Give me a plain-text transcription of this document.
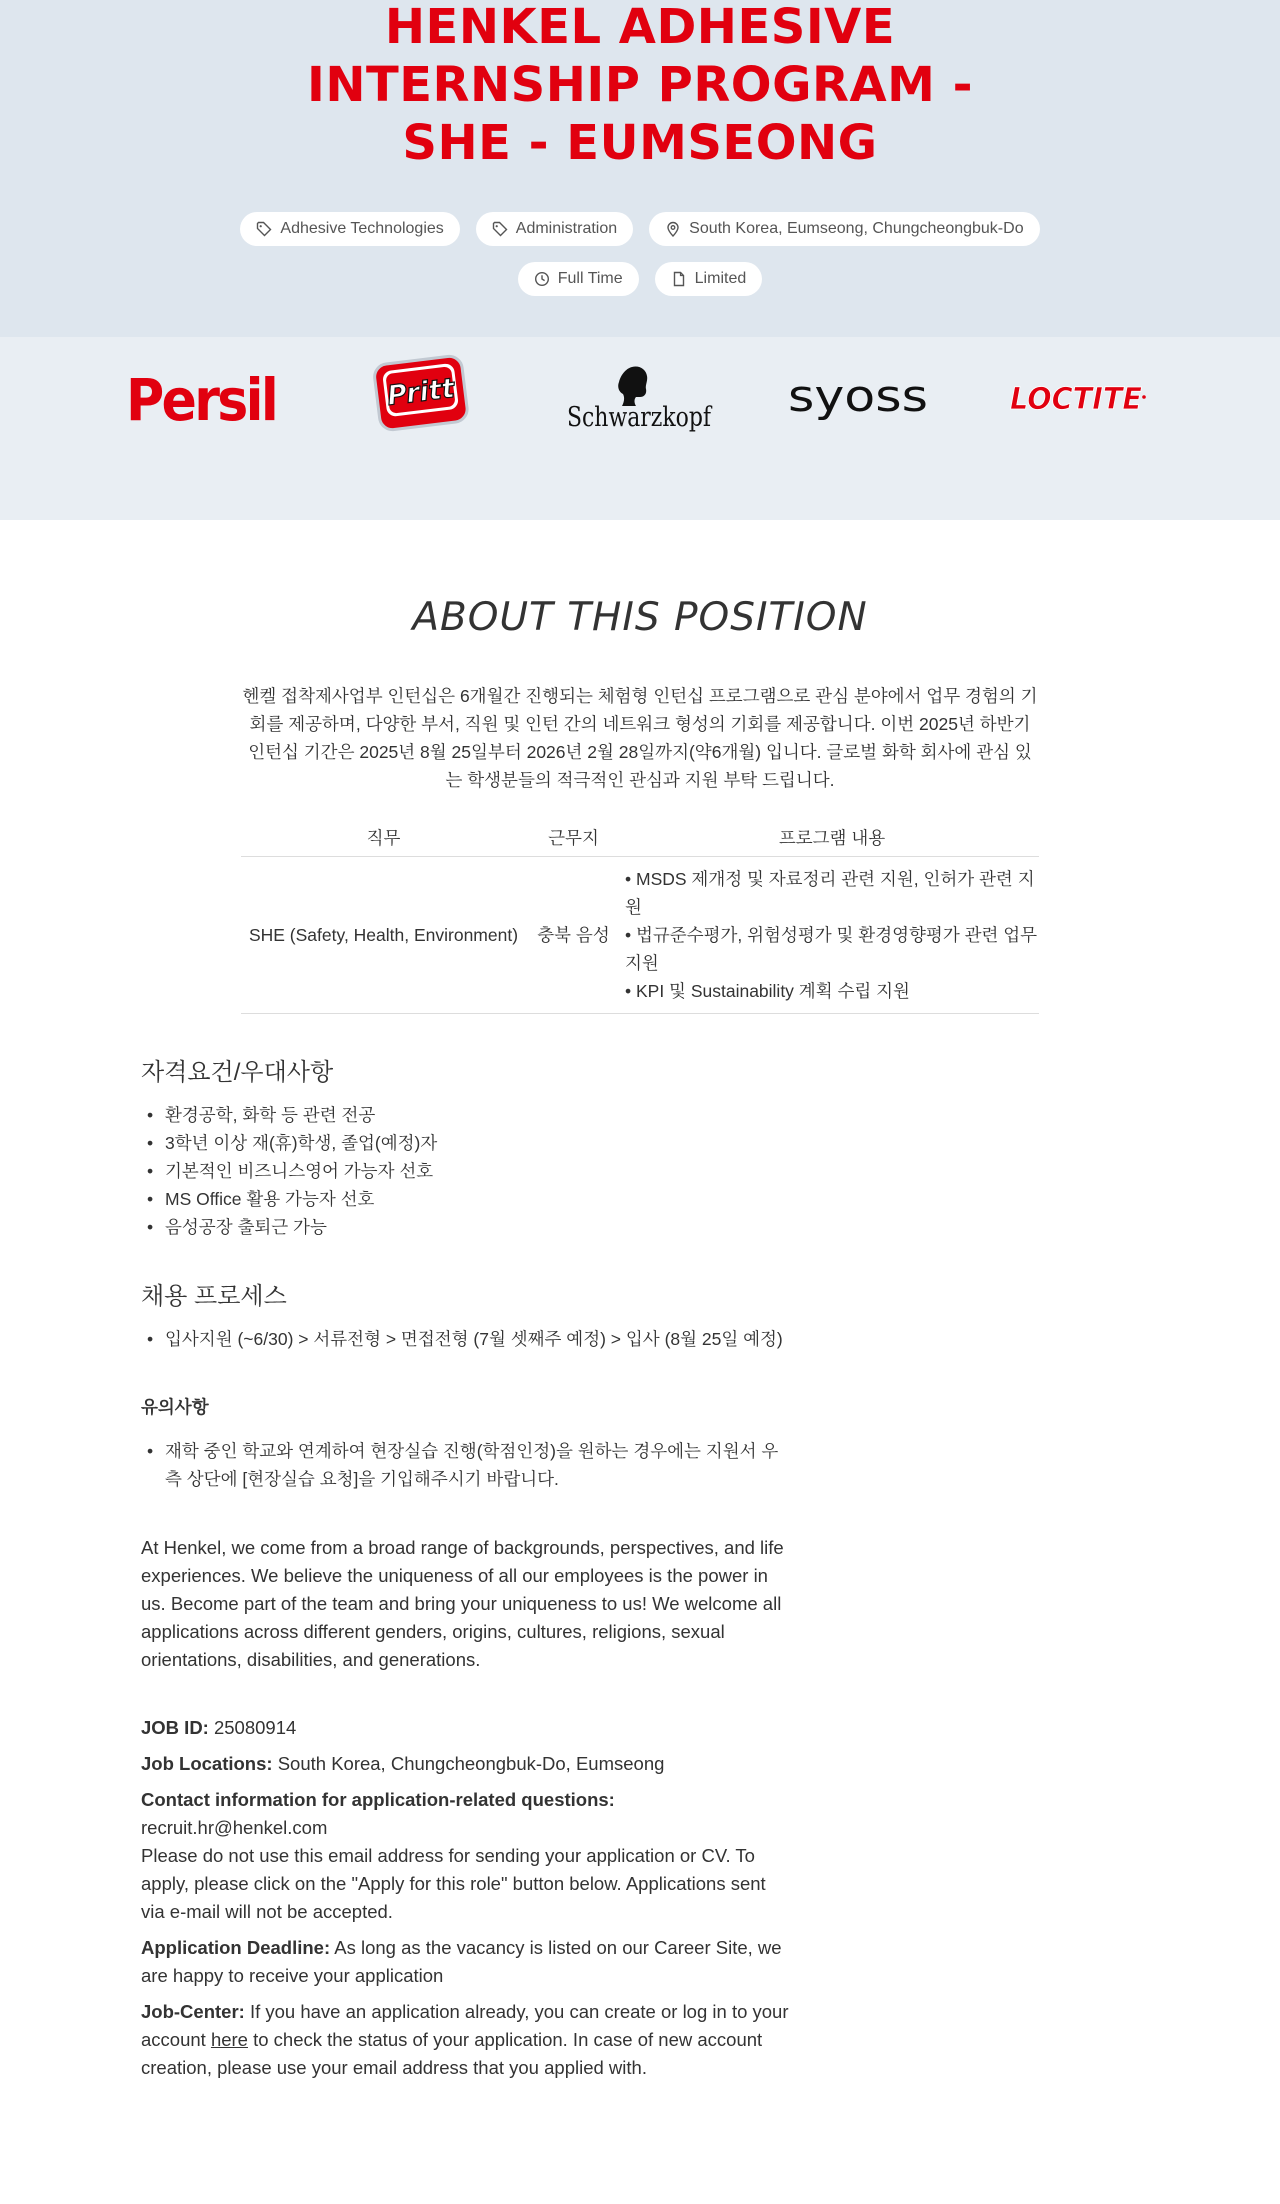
HENKEL ADHESIVE
INTERNSHIP PROGRAM -
SHE - EUMSEONG
Adhesive Technologies	Administration	South Korea, Eumseong, Chungcheongbuk-Do
Full Time	Limited
Persil	Pritt
Schwarzkopf syoss	LOCTITE
ABOUT THIS POSITION
헨켈 접착제사업부 인턴십은 6개월간 진행되는 체험형 인턴십 프로그램으로 관심 분야에서 업무 경험의 기회를 제공하며, 다양한 부서, 직원 및 인턴 간의 네트워크 형성의 기회를 제공합니다. 이번 2025년 하반기 인턴십 기간은 2025년 8월 25일부터 2026년 2월 28일까지(약6개월) 입니다. 글로벌 화학 회사에 관심 있는 학생분들의 적극적인 관심과 지원 부탁 드립니다.
직무	근무지	프로그램 내용
SHE (Safety, Health, Environment)	충북 음성	• MSDS 제개정 및 자료정리 관련 지원, 인허가 관련 지원
• 법규준수평가, 위험성평가 및 환경영향평가 관련 업무지원
• KPI 및 Sustainability 계획 수립 지원
자격요건/우대사항
• 환경공학, 화학 등 관련 전공
• 3학년 이상 재(휴)학생, 졸업(예정)자
• 기본적인 비즈니스영어 가능자 선호
• MS Office 활용 가능자 선호
• 음성공장 출퇴근 가능
채용 프로세스
• 입사지원 (~6/30) > 서류전형 > 면접전형 (7월 셋째주 예정) > 입사 (8월 25일 예정)
유의사항
• 재학 중인 학교와 연계하여 현장실습 진행(학점인정)을 원하는 경우에는 지원서 우측 상단에 [현장실습 요청]을 기입해주시기 바랍니다.
At Henkel, we come from a broad range of backgrounds, perspectives, and life experiences. We believe the uniqueness of all our employees is the power in us. Become part of the team and bring your uniqueness to us! We welcome all applications across different genders, origins, cultures, religions, sexual orientations, disabilities, and generations.
JOB ID: 25080914
Job Locations: South Korea, Chungcheongbuk-Do, Eumseong
Contact information for application-related questions:
recruit.hr@henkel.com
Please do not use this email address for sending your application or CV. To apply, please click on the "Apply for this role" button below. Applications sent via e-mail will not be accepted.
Application Deadline: As long as the vacancy is listed on our Career Site, we are happy to receive your application
Job-Center: If you have an application already, you can create or log in to your account here to check the status of your application. In case of new account creation, please use your email address that you applied with.
